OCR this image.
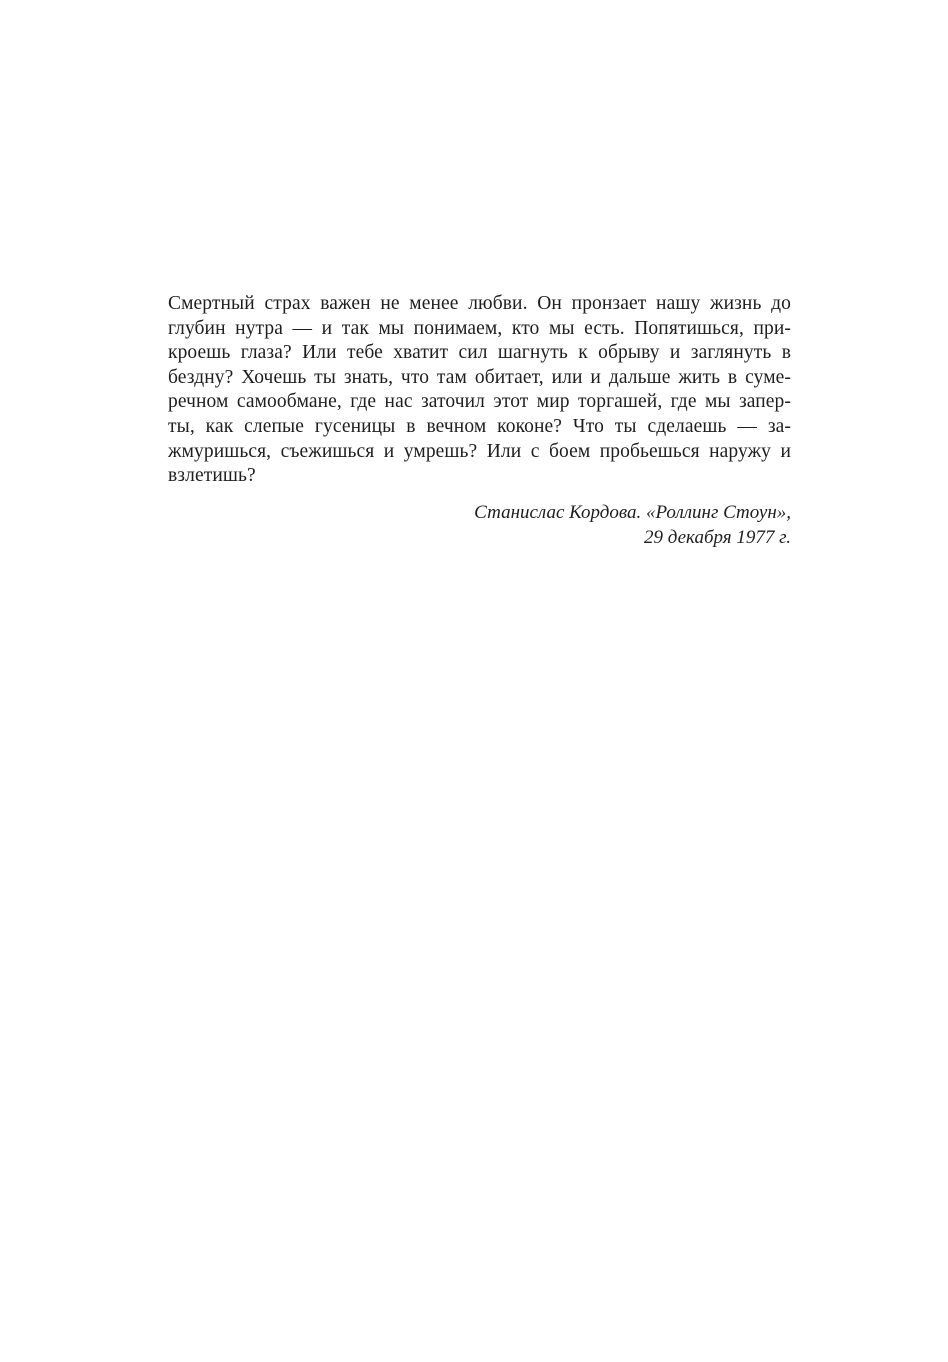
Смертный страх важен не менее любви. Он пронзает нашу жизнь до
глубин нутра — и так мы понимаем, кто мы есть. Попятишься, при-
кроешь глаза? Или тебе хватит сил шагнуть к обрыву и заглянуть в
бездну? Хочешь ты знать, что там обитает, или и дальше жить в суме-
речном самообмане, где нас заточил этот мир торгашей, где мы запер-
ты, как слепые гусеницы в вечном коконе? Что ты сделаешь — за-
жмуришься, съежишься и умрешь? Или с боем пробьешься наружу и
взлетишь?
Станислас Кордова. «Роллинг Стоун»,
29 декабря 1977 г.
